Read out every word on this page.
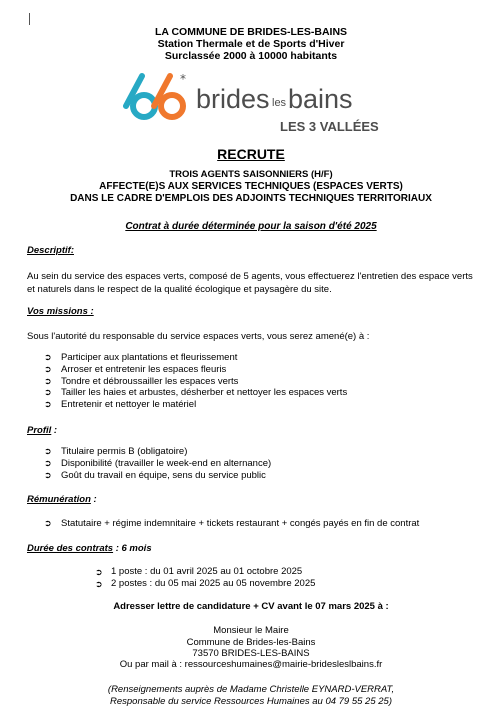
LA COMMUNE DE BRIDES-LES-BAINS
Station Thermale et de Sports d'Hiver
Surclassée 2000 à 10000 habitants
*
brides les bains
LES 3 VALLÉES
RECRUTE
TROIS AGENTS SAISONNIERS (H/F)
AFFECTE(E)S AUX SERVICES TECHNIQUES (ESPACES VERTS)
DANS LE CADRE D'EMPLOIS DES ADJOINTS TECHNIQUES TERRITORIAUX
Contrat à durée déterminée pour la saison d'été 2025
Descriptif:
Au sein du service des espaces verts, composé de 5 agents, vous effectuerez l'entretien des espace verts et naturels dans le respect de la qualité écologique et paysagère du site.
Vos missions :
Sous l'autorité du responsable du service espaces verts, vous serez amené(e) à :
➲ Participer aux plantations et fleurissement
➲ Arroser et entretenir les espaces fleuris
➲ Tondre et débroussailler les espaces verts
➲ Tailler les haies et arbustes, désherber et nettoyer les espaces verts
➲ Entretenir et nettoyer le matériel
Profil :
➲ Titulaire permis B (obligatoire)
➲ Disponibilité (travailler le week-end en alternance)
➲ Goût du travail en équipe, sens du service public
Rémunération :
➲ Statutaire + régime indemnitaire + tickets restaurant + congés payés en fin de contrat
Durée des contrats : 6 mois
➲ 1 poste : du 01 avril 2025 au 01 octobre 2025
➲ 2 postes : du 05 mai 2025 au 05 novembre 2025
Adresser lettre de candidature + CV avant le 07 mars 2025 à :
Monsieur le Maire
Commune de Brides-les-Bains
73570 BRIDES-LES-BAINS
Ou par mail à : ressourceshumaines@mairie-bridesleslbains.fr
(Renseignements auprès de Madame Christelle EYNARD-VERRAT,
Responsable du service Ressources Humaines au 04 79 55 25 25)
